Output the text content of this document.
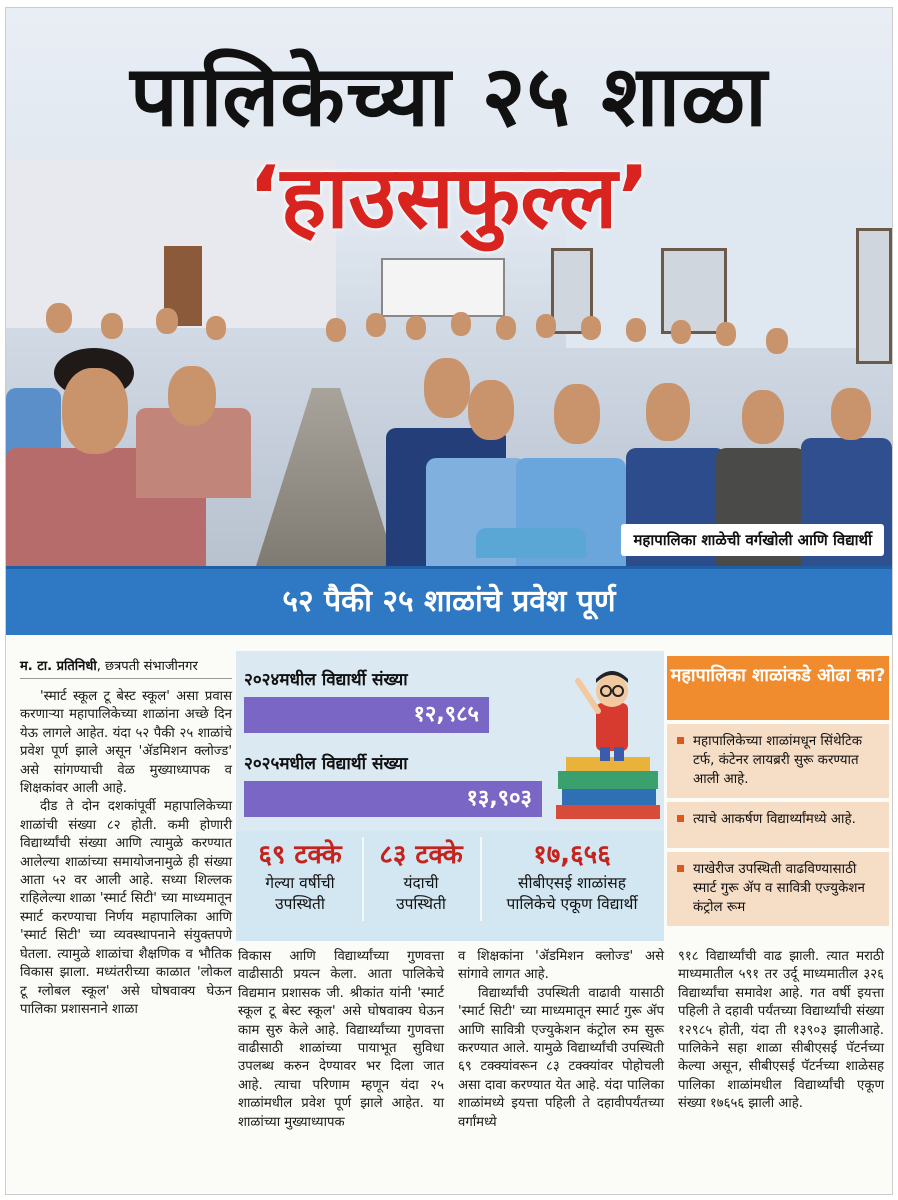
पालिकेच्या २५ शाळा
‘हाउसफुल्ल’
महापालिका शाळेची वर्गखोली आणि विद्यार्थी
५२ पैकी २५ शाळांचे प्रवेश पूर्ण
म. टा. प्रतिनिधी, छत्रपती संभाजीनगर

'स्मार्ट स्कूल टू बेस्ट स्कूल' असा प्रवास करणाऱ्या महापालिकेच्या शाळांना अच्छे दिन येऊ लागले आहेत. यंदा ५२ पैकी २५ शाळांचे प्रवेश पूर्ण झाले असून 'ॲडमिशन क्लोज्ड' असे सांगण्याची वेळ मुख्याध्यापक व शिक्षकांवर आली आहे.

दीड ते दोन दशकांपूर्वी महापालिकेच्या शाळांची संख्या ८२ होती. कमी होणारी विद्यार्थ्यांची संख्या आणि त्यामुळे करण्यात आलेल्या शाळांच्या समायोजनामुळे ही संख्या आता ५२ वर आली आहे. सध्या शिल्लक राहिलेल्या शाळा 'स्मार्ट सिटी' च्या माध्यमातून स्मार्ट करण्याचा निर्णय महापालिका आणि 'स्मार्ट सिटी' च्या व्यवस्थापनाने संयुक्तपणे घेतला. त्यामुळे शाळांचा शैक्षणिक व भौतिक विकास झाला. मध्यंतरीच्या काळात 'लोकल टू ग्लोबल स्कूल' असे घोषवाक्य घेऊन पालिका प्रशासनाने शाळा

२०२४मधील विद्यार्थी संख्या
१२,९८५
२०२५मधील विद्यार्थी संख्या
१३,९०३
६९ टक्के
गेल्या वर्षीची
उपस्थिती
८३ टक्के
यंदाची
उपस्थिती
१७,६५६
सीबीएसई शाळांसह
पालिकेचे एकूण विद्यार्थी
महापालिका शाळांकडे ओढा का?
महापालिकेच्या शाळांमधून सिंथेटिक टर्फ, कंटेनर लायब्ररी सुरू करण्यात आली आहे.
त्याचे आकर्षण विद्यार्थ्यांमध्ये आहे.
याखेरीज उपस्थिती वाढविण्यासाठी स्मार्ट गुरू ॲप व सावित्री एज्युकेशन कंट्रोल रूम

विकास आणि विद्यार्थ्यांच्या गुणवत्ता वाढीसाठी प्रयत्न केला. आता पालिकेचे विद्यमान प्रशासक जी. श्रीकांत यांनी 'स्मार्ट स्कूल टू बेस्ट स्कूल' असे घोषवाक्य घेऊन काम सुरु केले आहे. विद्यार्थ्यांच्या गुणवत्ता वाढीसाठी शाळांच्या पायाभूत सुविधा उपलब्ध करुन देण्यावर भर दिला जात आहे. त्याचा परिणाम म्हणून यंदा २५ शाळांमधील प्रवेश पूर्ण झाले आहेत. या शाळांच्या मुख्याध्यापक

व शिक्षकांना 'ॲडमिशन क्लोज्ड' असे सांगावे लागत आहे.

विद्यार्थ्यांची उपस्थिती वाढावी यासाठी 'स्मार्ट सिटी' च्या माध्यमातून स्मार्ट गुरू ॲप आणि सावित्री एज्युकेशन कंट्रोल रुम सुरू करण्यात आले. यामुळे विद्यार्थ्यांची उपस्थिती ६९ टक्क्यांवरून ८३ टक्क्यांवर पोहोचली असा दावा करण्यात येत आहे. यंदा पालिका शाळांमध्ये इयत्ता पहिली ते दहावीपर्यंतच्या वर्गांमध्ये

९१८ विद्यार्थ्यांची वाढ झाली. त्यात मराठी माध्यमातील ५९१ तर उर्दू माध्यमातील ३२६ विद्यार्थ्यांचा समावेश आहे. गत वर्षी इयत्ता पहिली ते दहावी पर्यंतच्या विद्यार्थ्यांची संख्या १२९८५ होती, यंदा ती १३९०३ झालीआहे. पालिकेने सहा शाळा सीबीएसई पॅटर्नच्या केल्या असून, सीबीएसई पॅटर्नच्या शाळेसह पालिका शाळांमधील विद्यार्थ्यांची एकूण संख्या १७६५६ झाली आहे.
